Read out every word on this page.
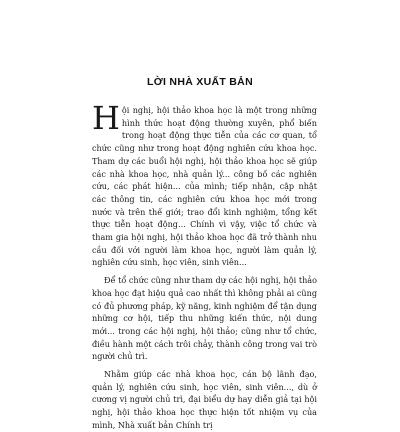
LỜI NHÀ XUẤT BẢN

Hội nghị, hội thảo khoa học là một trong những hình thức hoạt động thường xuyên, phổ biến trong hoạt động thực tiễn của các cơ quan, tổ chức cũng như trong hoạt động nghiên cứu khoa học. Tham dự các buổi hội nghị, hội thảo khoa học sẽ giúp các nhà khoa học, nhà quản lý... công bố các nghiên cứu, các phát hiện... của mình; tiếp nhận, cập nhật các thông tin, các nghiên cứu khoa học mới trong nước và trên thế giới; trao đổi kinh nghiệm, tổng kết thực tiễn hoạt động... Chính vì vậy, việc tổ chức và tham gia hội nghị, hội thảo khoa học đã trở thành nhu cầu đối với người làm khoa học, người làm quản lý, nghiên cứu sinh, học viên, sinh viên...

Để tổ chức cũng như tham dự các hội nghị, hội thảo khoa học đạt hiệu quả cao nhất thì không phải ai cũng có đủ phương pháp, kỹ năng, kinh nghiệm để tận dụng những cơ hội, tiếp thu những kiến thức, nội dung mới... trong các hội nghị, hội thảo; cũng như tổ chức, điều hành một cách trôi chảy, thành công trong vai trò người chủ trì.

Nhằm giúp các nhà khoa học, cán bộ lãnh đạo, quản lý, nghiên cứu sinh, học viên, sinh viên..., dù ở cương vị người chủ trì, đại biểu dự hay diễn giả tại hội nghị, hội thảo khoa học thực hiện tốt nhiệm vụ của mình, Nhà xuất bản Chính trị
